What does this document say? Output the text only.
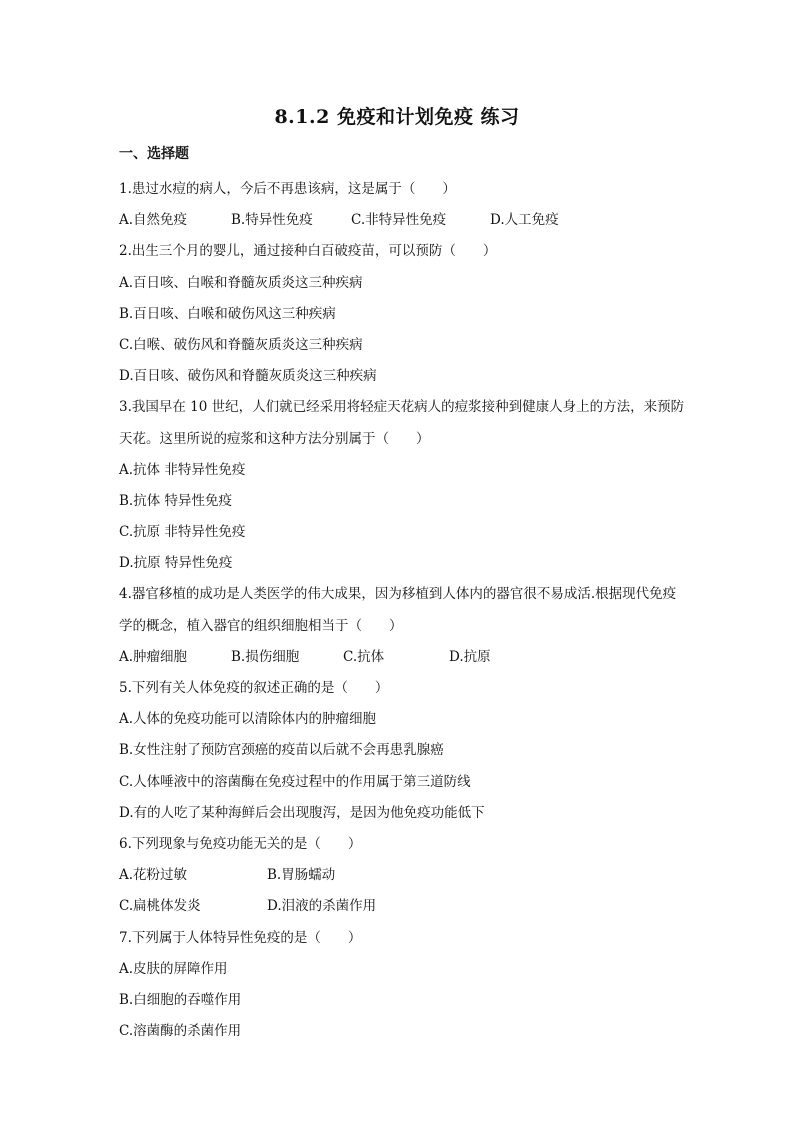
8.1.2 免疫和计划免疫 练习
一、选择题
1.患过水痘的病人，今后不再患该病，这是属于（　　）
A.自然免疫	B.特异性免疫	C.非特异性免疫	D.人工免疫
2.出生三个月的婴儿，通过接种白百破疫苗，可以预防（　　）
A.百日咳、白喉和脊髓灰质炎这三种疾病
B.百日咳、白喉和破伤风这三种疾病
C.白喉、破伤风和脊髓灰质炎这三种疾病
D.百日咳、破伤风和脊髓灰质炎这三种疾病
3.我国早在 10 世纪，人们就已经采用将轻症天花病人的痘浆接种到健康人身上的方法，来预防
天花。这里所说的痘浆和这种方法分别属于（　　）
A.抗体 非特异性免疫
B.抗体 特异性免疫
C.抗原 非特异性免疫
D.抗原 特异性免疫
4.器官移植的成功是人类医学的伟大成果，因为移植到人体内的器官很不易成活.根据现代免疫
学的概念，植入器官的组织细胞相当于（　　）
A.肿瘤细胞	B.损伤细胞	C.抗体	D.抗原
5.下列有关人体免疫的叙述正确的是（　　）
A.人体的免疫功能可以清除体内的肿瘤细胞
B.女性注射了预防宫颈癌的疫苗以后就不会再患乳腺癌
C.人体唾液中的溶菌酶在免疫过程中的作用属于第三道防线
D.有的人吃了某种海鲜后会出现腹泻，是因为他免疫功能低下
6.下列现象与免疫功能无关的是（　　）
A.花粉过敏	B.胃肠蠕动
C.扁桃体发炎	D.泪液的杀菌作用
7.下列属于人体特异性免疫的是（　　）
A.皮肤的屏障作用
B.白细胞的吞噬作用
C.溶菌酶的杀菌作用
